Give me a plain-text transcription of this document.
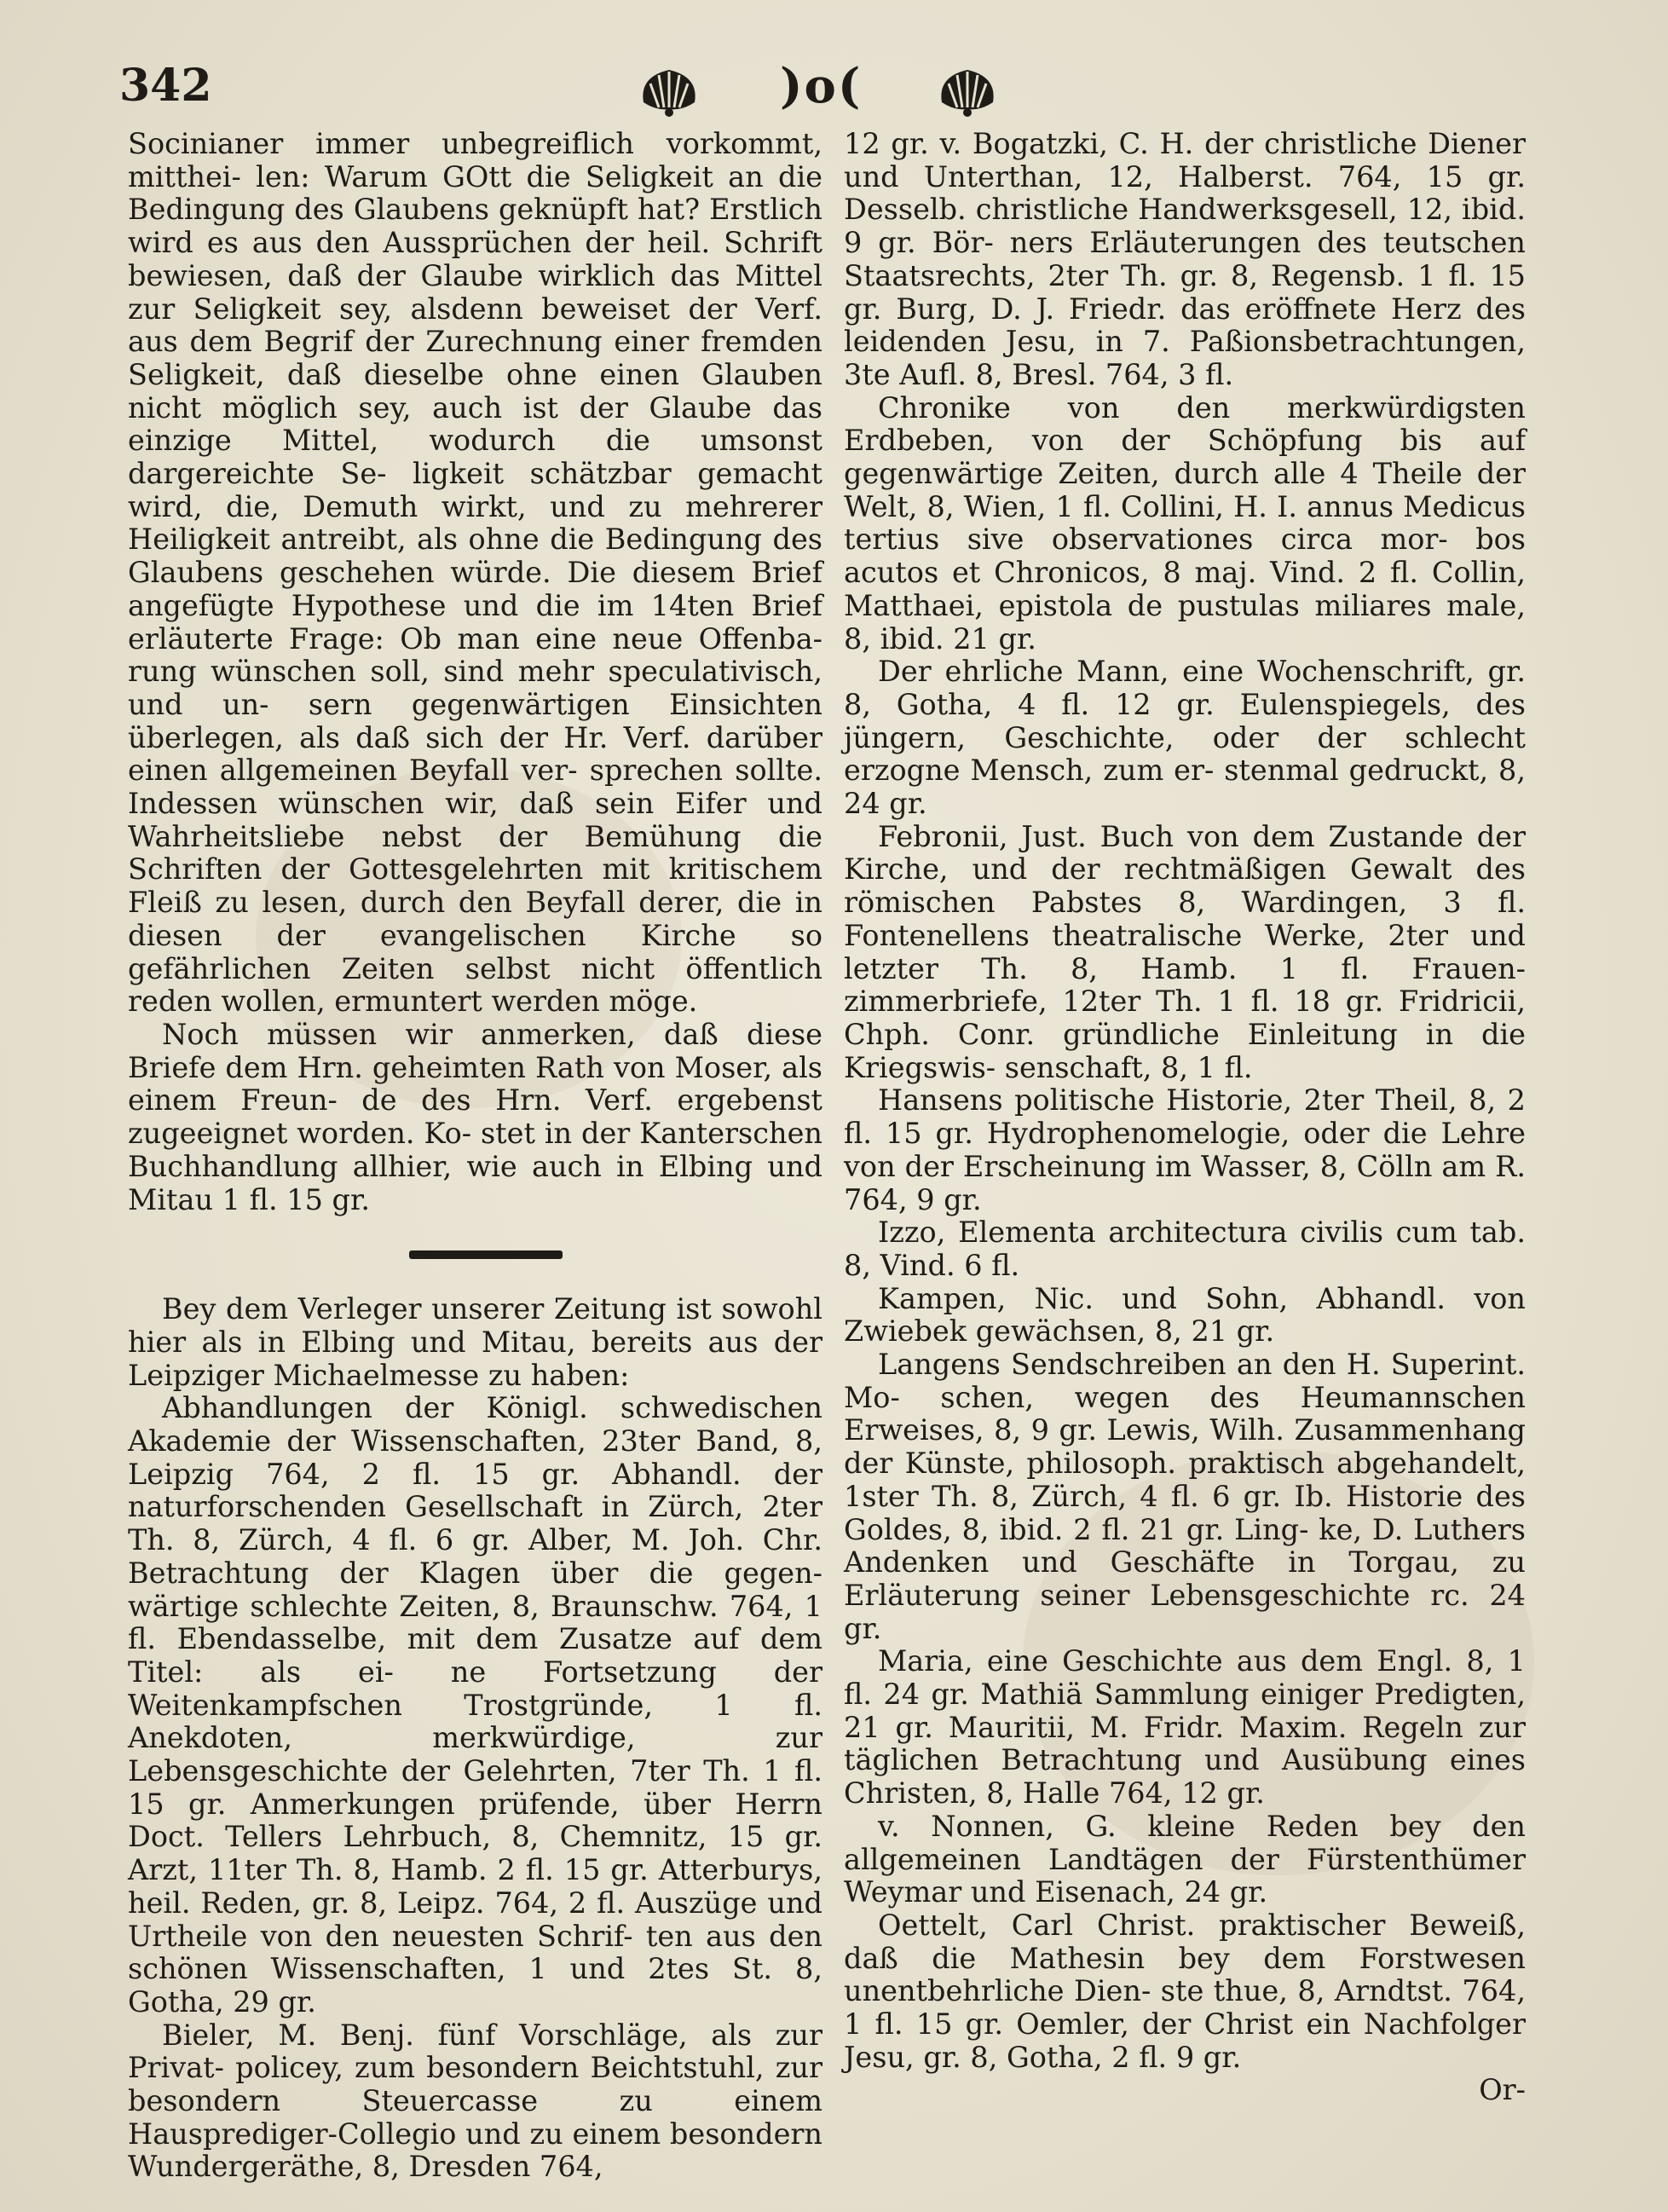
342	)o(

Socinianer immer unbegreiflich vorkommt, mitthei- len: Warum GOtt die Seligkeit an die Bedingung des Glaubens geknüpft hat? Erstlich wird es aus den Aussprüchen der heil. Schrift bewiesen, daß der Glaube wirklich das Mittel zur Seligkeit sey, alsdenn beweiset der Verf. aus dem Begrif der Zurechnung einer fremden Seligkeit, daß dieselbe ohne einen Glauben nicht möglich sey, auch ist der Glaube das einzige Mittel, wodurch die umsonst dargereichte Se- ligkeit schätzbar gemacht wird, die, Demuth wirkt, und zu mehrerer Heiligkeit antreibt, als ohne die Bedingung des Glaubens geschehen würde. Die diesem Brief angefügte Hypothese und die im 14ten Brief erläuterte Frage: Ob man eine neue Offenba- rung wünschen soll, sind mehr speculativisch, und un- sern gegenwärtigen Einsichten überlegen, als daß sich der Hr. Verf. darüber einen allgemeinen Beyfall ver- sprechen sollte. Indessen wünschen wir, daß sein Eifer und Wahrheitsliebe nebst der Bemühung die Schriften der Gottesgelehrten mit kritischem Fleiß zu lesen, durch den Beyfall derer, die in diesen der evangelischen Kirche so gefährlichen Zeiten selbst nicht öffentlich reden wollen, ermuntert werden möge.

Noch müssen wir anmerken, daß diese Briefe dem Hrn. geheimten Rath von Moser, als einem Freun- de des Hrn. Verf. ergebenst zugeeignet worden. Ko- stet in der Kanterschen Buchhandlung allhier, wie auch in Elbing und Mitau 1 fl. 15 gr.

Bey dem Verleger unserer Zeitung ist sowohl hier als in Elbing und Mitau, bereits aus der Leipziger Michaelmesse zu haben:

Abhandlungen der Königl. schwedischen Akademie der Wissenschaften, 23ter Band, 8, Leipzig 764, 2 fl. 15 gr. Abhandl. der naturforschenden Gesellschaft in Zürch, 2ter Th. 8, Zürch, 4 fl. 6 gr. Alber, M. Joh. Chr. Betrachtung der Klagen über die gegen- wärtige schlechte Zeiten, 8, Braunschw. 764, 1 fl. Ebendasselbe, mit dem Zusatze auf dem Titel: als ei- ne Fortsetzung der Weitenkampfschen Trostgründe, 1 fl. Anekdoten, merkwürdige, zur Lebensgeschichte der Gelehrten, 7ter Th. 1 fl. 15 gr. Anmerkungen prüfende, über Herrn Doct. Tellers Lehrbuch, 8, Chemnitz, 15 gr. Arzt, 11ter Th. 8, Hamb. 2 fl. 15 gr. Atterburys, heil. Reden, gr. 8, Leipz. 764, 2 fl. Auszüge und Urtheile von den neuesten Schrif- ten aus den schönen Wissenschaften, 1 und 2tes St. 8, Gotha, 29 gr.

Bieler, M. Benj. fünf Vorschläge, als zur Privat- policey, zum besondern Beichtstuhl, zur besondern Steuercasse zu einem Hausprediger-Collegio und zu einem besondern Wundergeräthe, 8, Dresden 764,

12 gr. v. Bogatzki, C. H. der christliche Diener und Unterthan, 12, Halberst. 764, 15 gr. Desselb. christliche Handwerksgesell, 12, ibid. 9 gr. Bör- ners Erläuterungen des teutschen Staatsrechts, 2ter Th. gr. 8, Regensb. 1 fl. 15 gr. Burg, D. J. Friedr. das eröffnete Herz des leidenden Jesu, in 7. Paßionsbetrachtungen, 3te Aufl. 8, Bresl. 764, 3 fl.

Chronike von den merkwürdigsten Erdbeben, von der Schöpfung bis auf gegenwärtige Zeiten, durch alle 4 Theile der Welt, 8, Wien, 1 fl. Collini, H. I. annus Medicus tertius sive observationes circa mor- bos acutos et Chronicos, 8 maj. Vind. 2 fl. Collin, Matthaei, epistola de pustulas miliares male, 8, ibid. 21 gr.

Der ehrliche Mann, eine Wochenschrift, gr. 8, Gotha, 4 fl. 12 gr. Eulenspiegels, des jüngern, Geschichte, oder der schlecht erzogne Mensch, zum er- stenmal gedruckt, 8, 24 gr.

Febronii, Just. Buch von dem Zustande der Kirche, und der rechtmäßigen Gewalt des römischen Pabstes 8, Wardingen, 3 fl. Fontenellens theatralische Werke, 2ter und letzter Th. 8, Hamb. 1 fl. Frauen- zimmerbriefe, 12ter Th. 1 fl. 18 gr. Fridricii, Chph. Conr. gründliche Einleitung in die Kriegswis- senschaft, 8, 1 fl.

Hansens politische Historie, 2ter Theil, 8, 2 fl. 15 gr. Hydrophenomelogie, oder die Lehre von der Erscheinung im Wasser, 8, Cölln am R. 764, 9 gr.

Izzo, Elementa architectura civilis cum tab. 8, Vind. 6 fl.

Kampen, Nic. und Sohn, Abhandl. von Zwiebek gewächsen, 8, 21 gr.

Langens Sendschreiben an den H. Superint. Mo- schen, wegen des Heumannschen Erweises, 8, 9 gr. Lewis, Wilh. Zusammenhang der Künste, philosoph. praktisch abgehandelt, 1ster Th. 8, Zürch, 4 fl. 6 gr. Ib. Historie des Goldes, 8, ibid. 2 fl. 21 gr. Ling- ke, D. Luthers Andenken und Geschäfte in Torgau, zu Erläuterung seiner Lebensgeschichte rc. 24 gr.

Maria, eine Geschichte aus dem Engl. 8, 1 fl. 24 gr. Mathiä Sammlung einiger Predigten, 21 gr. Mauritii, M. Fridr. Maxim. Regeln zur täglichen Betrachtung und Ausübung eines Christen, 8, Halle 764, 12 gr.

v. Nonnen, G. kleine Reden bey den allgemeinen Landtägen der Fürstenthümer Weymar und Eisenach, 24 gr.

Oettelt, Carl Christ. praktischer Beweiß, daß die Mathesin bey dem Forstwesen unentbehrliche Dien- ste thue, 8, Arndtst. 764, 1 fl. 15 gr. Oemler, der Christ ein Nachfolger Jesu, gr. 8, Gotha, 2 fl. 9 gr.

Or-
